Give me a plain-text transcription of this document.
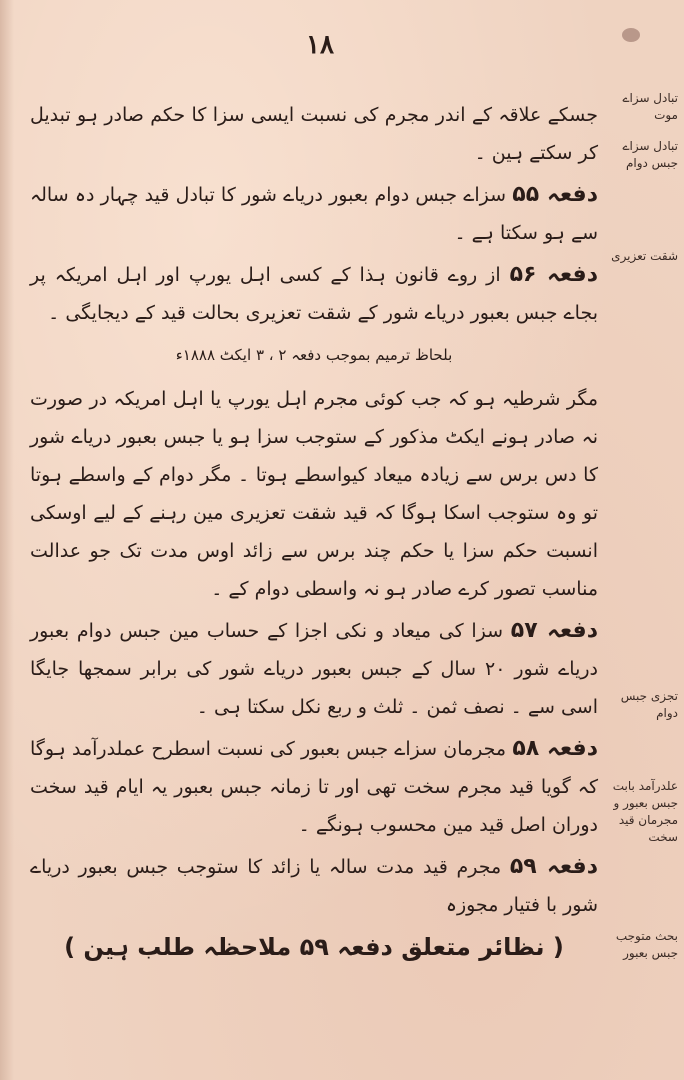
۱۸
تبادل سزاے موت
تبادل سزاے جبس دوام
شقت تعزیری
تجزی جبس دوام
علدرآمد بابت جبس بعبور و مجرمان قید سخت
بحث متوجب جبس بعبور

جسکے علاقہ کے اندر مجرم کی نسبت ایسی سزا کا حکم صادر ہو تبدیل کر سکتے ہین ۔

دفعہ ۵۵ سزاے جبس دوام بعبور دریاے شور کا تبادل قید چہار دہ سالہ سے ہو سکتا ہے ۔

دفعہ ۵۶ از روے قانون ہذا کے کسی اہل یورپ اور اہل امریکہ پر بجاے جبس بعبور دریاے شور کے شقت تعزیری بحالت قید کے دیجایگی ۔

بلحاظ ترمیم بموجب دفعہ ۲ ، ۳ ایکٹ ۱۸۸۸ء

مگر شرطیہ ہو کہ جب کوئی مجرم اہل یورپ یا اہل امریکہ در صورت نہ صادر ہونے ایکٹ مذکور کے ستوجب سزا ہو یا جبس بعبور دریاے شور کا دس برس سے زیادہ میعاد کیواسطے ہوتا ۔ مگر دوام کے واسطے ہوتا تو وہ ستوجب اسکا ہوگا کہ قید شقت تعزیری مین رہنے کے لیے اوسکی انسبت حکم سزا یا حکم چند برس سے زائد اوس مدت تک جو عدالت مناسب تصور کرے صادر ہو نہ واسطی دوام کے ۔

دفعہ ۵۷ سزا کی میعاد و نکی اجزا کے حساب مین جبس دوام بعبور دریاے شور ۲۰ سال کے جبس بعبور دریاے شور کی برابر سمجھا جایگا اسی سے ۔ نصف ثمن ۔ ثلث و ربع نکل سکتا ہی ۔

دفعہ ۵۸ مجرمان سزاے جبس بعبور کی نسبت اسطرح عملدرآمد ہوگا کہ گویا قید مجرم سخت تھی اور تا زمانہ جبس بعبور یہ ایام قید سخت دوران اصل قید مین محسوب ہونگے ۔

دفعہ ۵۹ مجرم قید مدت سالہ یا زائد کا ستوجب جبس بعبور دریاے شور با فتیار مجوزہ

( نظائر متعلق دفعہ ۵۹ ملاحظہ طلب ہین )
